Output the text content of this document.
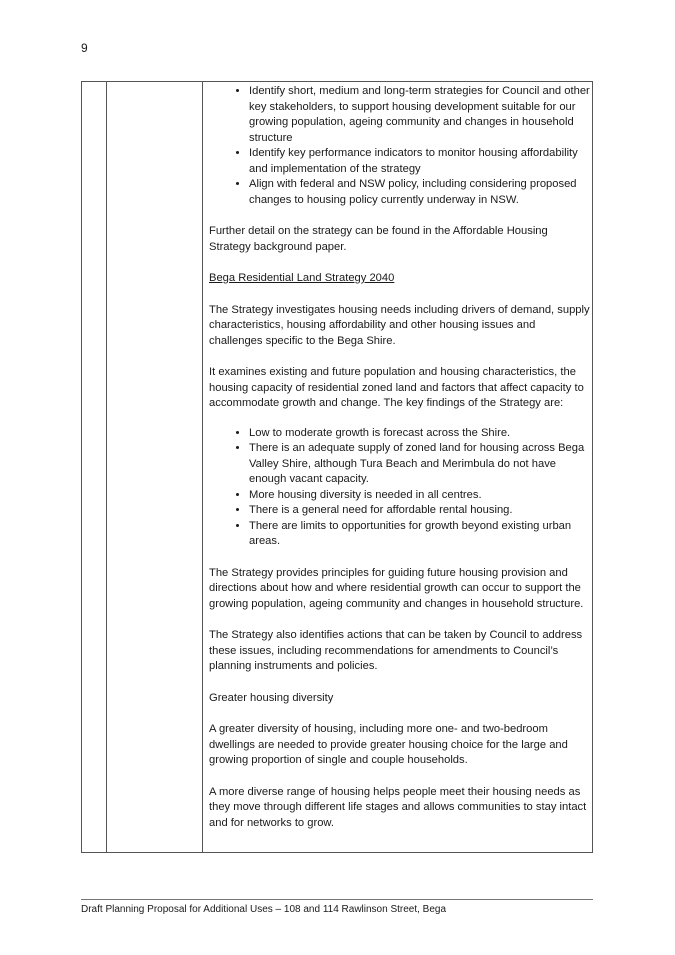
9
• Identify short, medium and long-term strategies for Council and other key stakeholders, to support housing development suitable for our growing population, ageing community and changes in household structure
• Identify key performance indicators to monitor housing affordability and implementation of the strategy
• Align with federal and NSW policy, including considering proposed changes to housing policy currently underway in NSW.

Further detail on the strategy can be found in the Affordable Housing Strategy background paper.

Bega Residential Land Strategy 2040

The Strategy investigates housing needs including drivers of demand, supply characteristics, housing affordability and other housing issues and challenges specific to the Bega Shire.

It examines existing and future population and housing characteristics, the housing capacity of residential zoned land and factors that affect capacity to accommodate growth and change. The key findings of the Strategy are:

• Low to moderate growth is forecast across the Shire.
• There is an adequate supply of zoned land for housing across Bega Valley Shire, although Tura Beach and Merimbula do not have enough vacant capacity.
• More housing diversity is needed in all centres.
• There is a general need for affordable rental housing.
• There are limits to opportunities for growth beyond existing urban areas.

The Strategy provides principles for guiding future housing provision and directions about how and where residential growth can occur to support the growing population, ageing community and changes in household structure.

The Strategy also identifies actions that can be taken by Council to address these issues, including recommendations for amendments to Council’s planning instruments and policies.

Greater housing diversity

A greater diversity of housing, including more one- and two-bedroom dwellings are needed to provide greater housing choice for the large and growing proportion of single and couple households.

A more diverse range of housing helps people meet their housing needs as they move through different life stages and allows communities to stay intact and for networks to grow.

Draft Planning Proposal for Additional Uses – 108 and 114 Rawlinson Street, Bega
